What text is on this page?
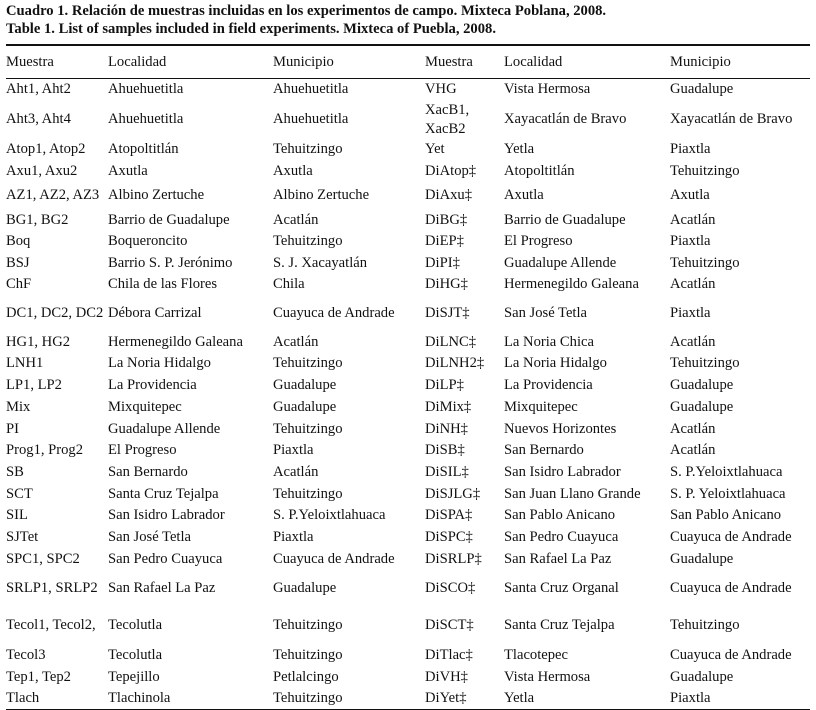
Cuadro 1. Relación de muestras incluidas en los experimentos de campo. Mixteca Poblana, 2008.
Table 1. List of samples included in field experiments. Mixteca of Puebla, 2008.
Muestra	Localidad	Municipio	Muestra	Localidad	Municipio
Aht1, Aht2	Ahuehuetitla	Ahuehuetitla	VHG	Vista Hermosa	Guadalupe
Aht3, Aht4	Ahuehuetitla	Ahuehuetitla	XacB1, XacB2	Xayacatlán de Bravo	Xayacatlán de Bravo
Atop1, Atop2	Atopoltitlán	Tehuitzingo	Yet	Yetla	Piaxtla
Axu1, Axu2	Axutla	Axutla	DiAtop‡	Atopoltitlán	Tehuitzingo
AZ1, AZ2, AZ3	Albino Zertuche	Albino Zertuche	DiAxu‡	Axutla	Axutla
BG1, BG2	Barrio de Guadalupe	Acatlán	DiBG‡	Barrio de Guadalupe	Acatlán
Boq	Boqueroncito	Tehuitzingo	DiEP‡	El Progreso	Piaxtla
BSJ	Barrio S. P. Jerónimo	S. J. Xacayatlán	DiPI‡	Guadalupe Allende	Tehuitzingo
ChF	Chila de las Flores	Chila	DiHG‡	Hermenegildo Galeana	Acatlán
DC1, DC2, DC2	Débora Carrizal	Cuayuca de Andrade	DiSJT‡	San José Tetla	Piaxtla
HG1, HG2	Hermenegildo Galeana	Acatlán	DiLNC‡	La Noria Chica	Acatlán
LNH1	La Noria Hidalgo	Tehuitzingo	DiLNH2‡	La Noria Hidalgo	Tehuitzingo
LP1, LP2	La Providencia	Guadalupe	DiLP‡	La Providencia	Guadalupe
Mix	Mixquitepec	Guadalupe	DiMix‡	Mixquitepec	Guadalupe
PI	Guadalupe Allende	Tehuitzingo	DiNH‡	Nuevos Horizontes	Acatlán
Prog1, Prog2	El Progreso	Piaxtla	DiSB‡	San Bernardo	Acatlán
SB	San Bernardo	Acatlán	DiSIL‡	San Isidro Labrador	S. P.Yeloixtlahuaca
SCT	Santa Cruz Tejalpa	Tehuitzingo	DiSJLG‡	San Juan Llano Grande	S. P. Yeloixtlahuaca
SIL	San Isidro Labrador	S. P.Yeloixtlahuaca	DiSPA‡	San Pablo Anicano	San Pablo Anicano
SJTet	San José Tetla	Piaxtla	DiSPC‡	San Pedro Cuayuca	Cuayuca de Andrade
SPC1, SPC2	San Pedro Cuayuca	Cuayuca de Andrade	DiSRLP‡	San Rafael La Paz	Guadalupe
SRLP1, SRLP2	San Rafael La Paz	Guadalupe	DiSCO‡	Santa Cruz Organal	Cuayuca de Andrade
Tecol1, Tecol2,	Tecolutla	Tehuitzingo	DiSCT‡	Santa Cruz Tejalpa	Tehuitzingo
Tecol3	Tecolutla	Tehuitzingo	DiTlac‡	Tlacotepec	Cuayuca de Andrade
Tep1, Tep2	Tepejillo	Petlalcingo	DiVH‡	Vista Hermosa	Guadalupe
Tlach	Tlachinola	Tehuitzingo	DiYet‡	Yetla	Piaxtla
